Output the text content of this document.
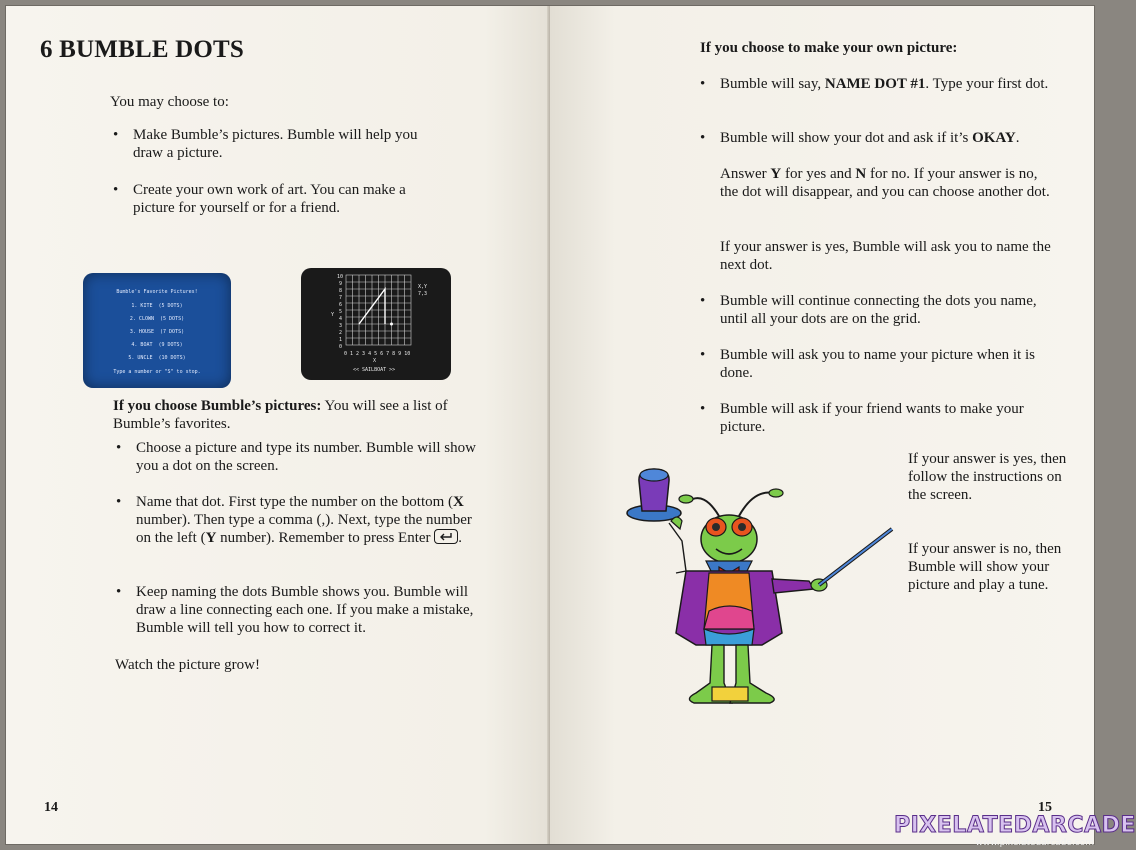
6 BUMBLE DOTS
You may choose to:
• Make Bumble’s pictures. Bumble will help you draw a picture.
• Create your own work of art. You can make a picture for yourself or for a friend.
Bumble's Favorite Pictures!
1. KITE  (5 DOTS)
2. CLOWN  (5 DOTS)
3. HOUSE  (7 DOTS)
4. BOAT  (9 DOTS)
5. UNCLE  (10 DOTS)
Type a number or "S" to stop.
10
9
8
7
6
5
4
3
2
1
0
0 1 2 3 4 5 6 7 8 9 10
X
Y
X,Y
7,3
<< SAILBOAT >>
If you choose Bumble’s pictures: You will see a list of Bumble’s favorites.
• Choose a picture and type its number. Bumble will show you a dot on the screen.
• Name that dot. First type the number on the bottom (X number). Then type a comma (,). Next, type the number on the left (Y number). Remember to press Enter .
• Keep naming the dots Bumble shows you. Bumble will draw a line connecting each one. If you make a mistake, Bumble will tell you how to correct it.
Watch the picture grow!
14
If you choose to make your own picture:
• Bumble will say, NAME DOT #1. Type your first dot.
• Bumble will show your dot and ask if it’s OKAY.
Answer Y for yes and N for no. If your answer is no, the dot will disappear, and you can choose another dot.
If your answer is yes, Bumble will ask you to name the next dot.
• Bumble will continue connecting the dots you name, until all your dots are on the grid.
• Bumble will ask you to name your picture when it is done.
• Bumble will ask if your friend wants to make your picture.
If your answer is yes, then follow the instructions on the screen.
If your answer is no, then Bumble will show your picture and play a tune.
15
PIXELATEDARCADE
www.pixelatedarcade.com
